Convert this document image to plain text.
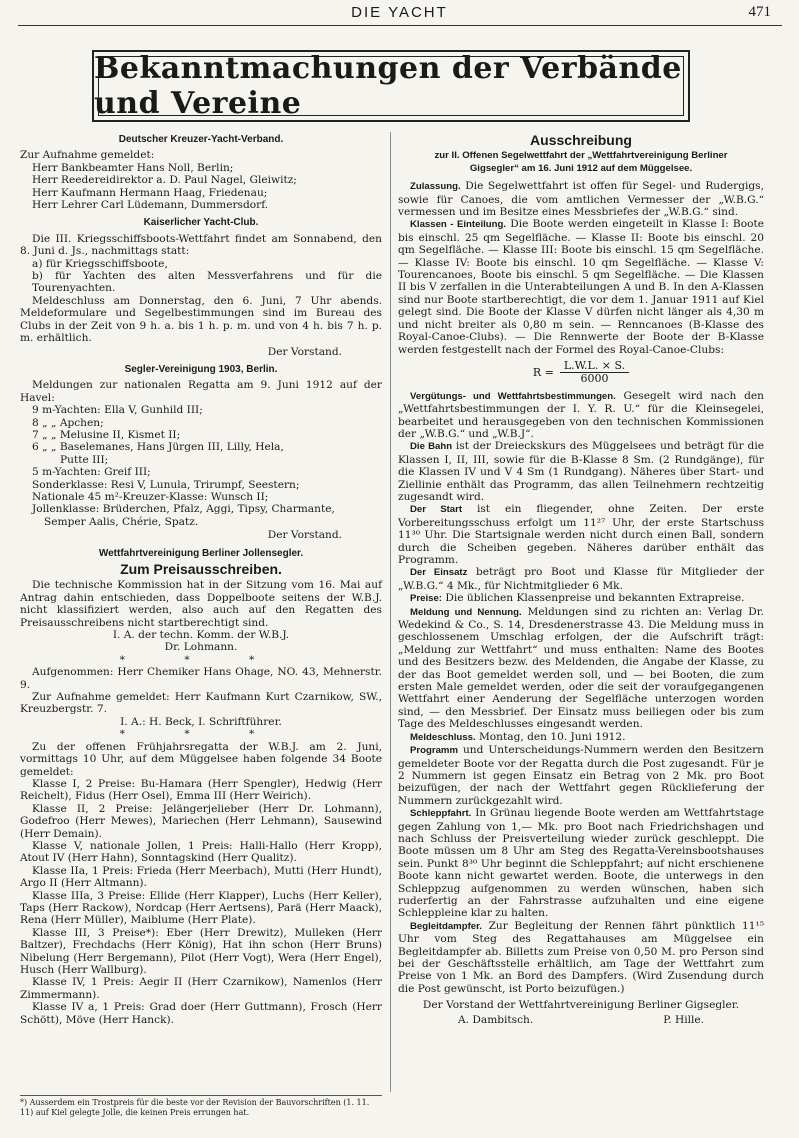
DIE YACHT	471
Bekanntmachungen der Verbände und Vereine
Deutscher Kreuzer-Yacht-Verband.

Zur Aufnahme gemeldet:

Herr Bankbeamter Hans Noll, Berlin;

Herr Reedereidirektor a. D. Paul Nagel, Gleiwitz;

Herr Kaufmann Hermann Haag, Friedenau;

Herr Lehrer Carl Lüdemann, Dummersdorf.

Kaiserlicher Yacht-Club.

Die III. Kriegsschiffsboots-Wettfahrt findet am Sonnabend, den 8. Juni d. Js., nachmittags statt:

a) für Kriegsschiffsboote,

b) für Yachten des alten Messverfahrens und für die Tourenyachten.

Meldeschluss am Donnerstag, den 6. Juni, 7 Uhr abends. Meldeformulare und Segelbestimmungen sind im Bureau des Clubs in der Zeit von 9 h. a. bis 1 h. p. m. und von 4 h. bis 7 h. p. m. erhältlich.

Der Vorstand.

Segler-Vereinigung 1903, Berlin.

Meldungen zur nationalen Regatta am 9. Juni 1912 auf der Havel:

9 m-Yachten: Ella V, Gunhild III;

8 „ „ Apchen;

7 „ „ Melusine II, Kismet II;

6 „ „ Baselemanes, Hans Jürgen III, Lilly, Hela,

Putte III;

5 m-Yachten: Greif III;

Sonderklasse: Resi V, Lunula, Trirumpf, Seestern;

Nationale 45 m²-Kreuzer-Klasse: Wunsch II;

Jollenklasse: Brüderchen, Pfalz, Aggi, Tipsy, Charmante,

Semper Aalis, Chérie, Spatz.

Der Vorstand.

Wettfahrtvereinigung Berliner Jollensegler.
Zum Preisausschreiben.

Die technische Kommission hat in der Sitzung vom 16. Mai auf Antrag dahin entschieden, dass Doppelboote seitens der W.B.J. nicht klassifiziert werden, also auch auf den Regatten des Preisausschreibens nicht startberechtigt sind.

I. A. der techn. Komm. der W.B.J.

Dr. Lohmann.

* * *

Aufgenommen: Herr Chemiker Hans Ohage, NO. 43, Mehnerstr. 9.

Zur Aufnahme gemeldet: Herr Kaufmann Kurt Czarnikow, SW., Kreuzbergstr. 7.

I. A.: H. Beck, I. Schriftführer.

* * *

Zu der offenen Frühjahrsregatta der W.B.J. am 2. Juni, vormittags 10 Uhr, auf dem Müggelsee haben folgende 34 Boote gemeldet:

Klasse I, 2 Preise: Bu-Hamara (Herr Spengler), Hedwig (Herr Reichelt), Fidus (Herr Osel), Emma III (Herr Weirich).

Klasse II, 2 Preise: Jelängerjelieber (Herr Dr. Lohmann), Godefroo (Herr Mewes), Mariechen (Herr Lehmann), Sausewind (Herr Demain).

Klasse V, nationale Jollen, 1 Preis: Halli-Hallo (Herr Kropp), Atout IV (Herr Hahn), Sonntagskind (Herr Qualitz).

Klasse IIa, 1 Preis: Frieda (Herr Meerbach), Mutti (Herr Hundt), Argo II (Herr Altmann).

Klasse IIIa, 3 Preise: Ellide (Herr Klapper), Luchs (Herr Keller), Taps (Herr Rackow), Nordcap (Herr Aertsens), Parä (Herr Maack), Rena (Herr Müller), Maiblume (Herr Plate).

Klasse III, 3 Preise*): Eber (Herr Drewitz), Mulleken (Herr Baltzer), Frechdachs (Herr König), Hat ihn schon (Herr Bruns) Nibelung (Herr Bergemann), Pilot (Herr Vogt), Wera (Herr Engel), Husch (Herr Wallburg).

Klasse IV, 1 Preis: Aegir II (Herr Czarnikow), Namenlos (Herr Zimmermann).

Klasse IV a, 1 Preis: Grad doer (Herr Guttmann), Frosch (Herr Schött), Möve (Herr Hanck).

*) Ausserdem ein Trostpreis für die beste vor der Revision der Bauvorschriften (1. 11. 11) auf Kiel gelegte Jolle, die keinen Preis errungen hat.
Ausschreibung

zur II. Offenen Segelwettfahrt der „Wettfahrtvereinigung Berliner

Gigsegler“ am 16. Juni 1912 auf dem Müggelsee.

Zulassung. Die Segelwettfahrt ist offen für Segel- und Rudergigs, sowie für Canoes, die vom amtlichen Vermesser der „W.B.G.“ vermessen und im Besitze eines Messbriefes der „W.B.G.“ sind.

Klassen - Einteilung. Die Boote werden eingeteilt in Klasse I: Boote bis einschl. 25 qm Segelfläche. — Klasse II: Boote bis einschl. 20 qm Segelfläche. — Klasse III: Boote bis einschl. 15 qm Segelfläche. — Klasse IV: Boote bis einschl. 10 qm Segelfläche. — Klasse V: Tourencanoes, Boote bis einschl. 5 qm Segelfläche. — Die Klassen II bis V zerfallen in die Unterabteilungen A und B. In den A-Klassen sind nur Boote startberechtigt, die vor dem 1. Januar 1911 auf Kiel gelegt sind. Die Boote der Klasse V dürfen nicht länger als 4,30 m und nicht breiter als 0,80 m sein. — Renncanoes (B-Klasse des Royal-Canoe-Clubs). — Die Rennwerte der Boote der B-Klasse werden festgestellt nach der Formel des Royal-Canoe-Clubs:

$R = \frac{L.W.L. \times S.}{6000}$

Vergütungs- und Wettfahrtsbestimmungen. Gesegelt wird nach den „Wettfahrtsbestimmungen der I. Y. R. U.“ für die Kleinsegelei, bearbeitet und herausgegeben von den technischen Kommissionen der „W.B.G.“ und „W.B.J“.

Die Bahn ist der Dreieckskurs des Müggelsees und beträgt für die Klassen I, II, III, sowie für die B-Klasse 8 Sm. (2 Rundgänge), für die Klassen IV und V 4 Sm (1 Rundgang). Näheres über Start- und Ziellinie enthält das Programm, das allen Teilnehmern rechtzeitig zugesandt wird.

Der Start ist ein fliegender, ohne Zeiten. Der erste Vorbereitungsschuss erfolgt um 11²⁷ Uhr, der erste Startschuss 11³⁰ Uhr. Die Startsignale werden nicht durch einen Ball, sondern durch die Scheiben gegeben. Näheres darüber enthält das Programm.

Der Einsatz beträgt pro Boot und Klasse für Mitglieder der „W.B.G.“ 4 Mk., für Nichtmitglieder 6 Mk.

Preise: Die üblichen Klassenpreise und bekannten Extrapreise.

Meldung und Nennung. Meldungen sind zu richten an: Verlag Dr. Wedekind & Co., S. 14, Dresdenerstrasse 43. Die Meldung muss in geschlossenem Umschlag erfolgen, der die Aufschrift trägt: „Meldung zur Wettfahrt“ und muss enthalten: Name des Bootes und des Besitzers bezw. des Meldenden, die Angabe der Klasse, zu der das Boot gemeldet werden soll, und — bei Booten, die zum ersten Male gemeldet werden, oder die seit der voraufgegangenen Wettfahrt einer Aenderung der Segelfläche unterzogen worden sind, — den Messbrief. Der Einsatz muss beiliegen oder bis zum Tage des Meldeschlusses eingesandt werden.

Meldeschluss. Montag, den 10. Juni 1912.

Programm und Unterscheidungs-Nummern werden den Besitzern gemeldeter Boote vor der Regatta durch die Post zugesandt. Für je 2 Nummern ist gegen Einsatz ein Betrag von 2 Mk. pro Boot beizufügen, der nach der Wettfahrt gegen Rücklieferung der Nummern zurückgezahlt wird.

Schleppfahrt. In Grünau liegende Boote werden am Wettfahrtstage gegen Zahlung von 1,— Mk. pro Boot nach Friedrichshagen und nach Schluss der Preisverteilung wieder zurück geschleppt. Die Boote müssen um 8 Uhr am Steg des Regatta-Vereinsbootshauses sein. Punkt 8³⁰ Uhr beginnt die Schleppfahrt; auf nicht erschienene Boote kann nicht gewartet werden. Boote, die unterwegs in den Schleppzug aufgenommen zu werden wünschen, haben sich ruderfertig an der Fahrstrasse aufzuhalten und eine eigene Schleppleine klar zu halten.

Begleitdampfer. Zur Begleitung der Rennen fährt pünktlich 11¹⁵ Uhr vom Steg des Regattahauses am Müggelsee ein Begleitdampfer ab. Billetts zum Preise von 0,50 M. pro Person sind bei der Geschäftsstelle erhältlich, am Tage der Wettfahrt zum Preise von 1 Mk. an Bord des Dampfers. (Wird Zusendung durch die Post gewünscht, ist Porto beizufügen.)

Der Vorstand der Wettfahrtvereinigung Berliner Gigsegler.

A. Dambitsch.	P. Hille.
